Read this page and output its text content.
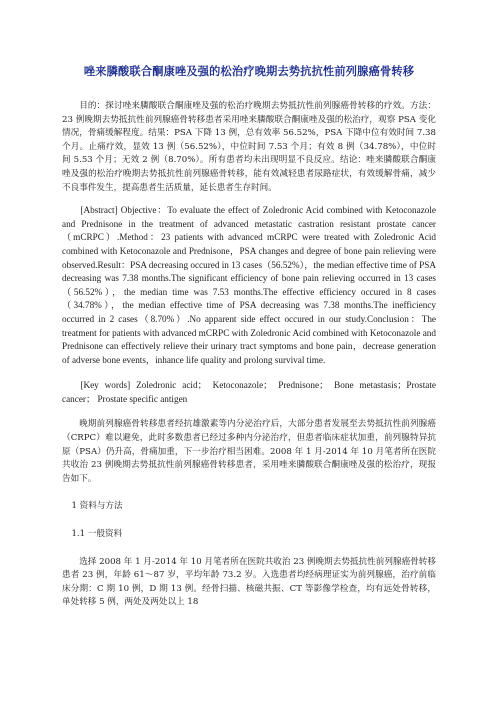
唑来膦酸联合酮康唑及强的松治疗晚期去势抗抗性前列腺癌骨转移

目的：探讨唑来膦酸联合酮康唑及强的松治疗晚期去势抵抗性前列腺癌骨转移的疗效。方法：23 例晚期去势抵抗性前列腺癌骨转移患者采用唑来膦酸联合酮康唑及强的松治疗，观察 PSA 变化情况，骨痛缓解程度。结果：PSA 下降 13 例，总有效率 56.52%，PSA 下降中位有效时间 7.38 个月。止痛疗效，显效 13 例（56.52%），中位时间 7.53 个月；有效 8 例（34.78%），中位时间 5.53 个月；无效 2 例（8.70%）。所有患者均未出现明显不良反应。结论：唑来膦酸联合酮康唑及强的松治疗晚期去势抵抗性前列腺癌骨转移，能有效减轻患者尿路症状，有效缓解骨痛，减少不良事件发生，提高患者生活质量，延长患者生存时间。

[Abstract] Objective：To evaluate the effect of Zoledronic Acid combined with Ketoconazole and Prednisone in the treatment of advanced metastatic castration resistant prostate cancer（mCRPC）.Method：23 patients with advanced mCRPC were treated with Zoledronic Acid combined with Ketoconazole and Prednisone，PSA changes and degree of bone pain relieving were observed.Result：PSA decreasing occured in 13 cases（56.52%），the median effective time of PSA decreasing was 7.38 months.The significant efficiency of bone pain relieving occurred in 13 cases （56.52%），the median time was 7.53 months.The effective efficiency occured in 8 cases（34.78%），the median effective time of PSA decreasing was 7.38 months.The inefficiency occurred in 2 cases（8.70%）.No apparent side effect occured in our study.Conclusion：The treatment for patients with advanced mCRPC with Zoledronic Acid combined with Ketoconazole and Prednisone can effectively relieve their urinary tract symptoms and bone pain，decrease generation of adverse bone events，inhance life quality and prolong survival time.

[Key words] Zoledronic acid； Ketoconazole； Prednisone； Bone metastasis；Prostate cancer； Prostate specific antigen

晚期前列腺癌骨转移患者经抗雄激素等内分泌治疗后，大部分患者发展至去势抵抗性前列腺癌（CRPC）难以避免，此时多数患者已经过多种内分泌治疗，但患者临床症状加重，前列腺特异抗原（PSA）仍升高，骨痛加重，下一步治疗相当困难。2008 年 1 月-2014 年 10 月笔者所在医院共收治 23 例晚期去势抵抗性前列腺癌骨转移患者，采用唑来膦酸联合酮康唑及强的松治疗，现报告如下。

1 资料与方法

1.1 一般资料

选择 2008 年 1 月-2014 年 10 月笔者所在医院共收治 23 例晚期去势抵抗性前列腺癌骨转移患者 23 例，年龄 61～87 岁，平均年龄 73.2 岁。入选患者均经病理证实为前列腺癌，治疗前临床分期：C 期 10 例，D 期 13 例。经骨扫描、核磁共振、CT 等影像学检查，均有远处骨转移，单处转移 5 例，两处及两处以上 18
